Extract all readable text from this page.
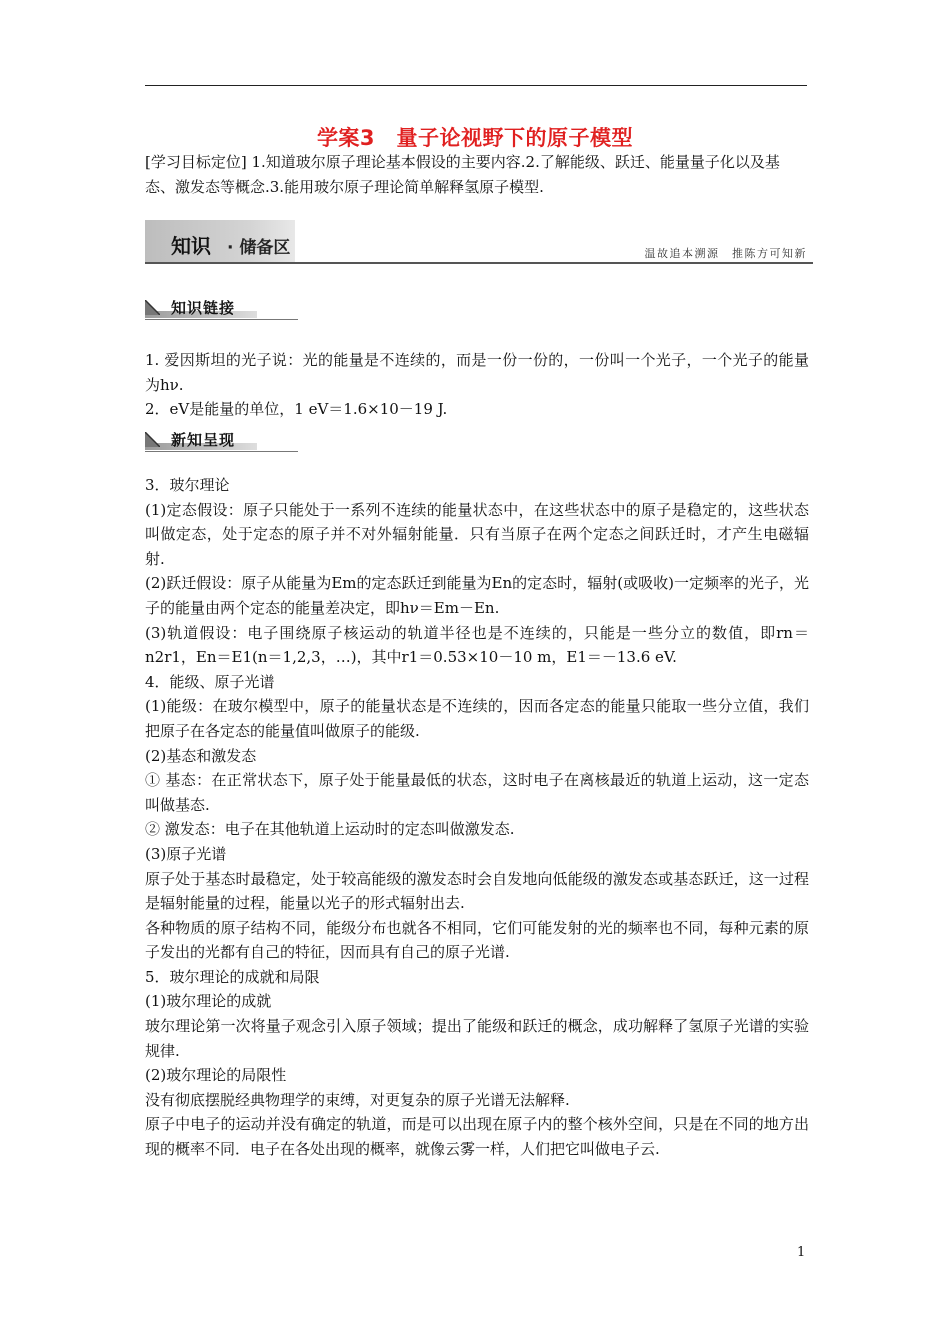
学案3　量子论视野下的原子模型
[学习目标定位] 1.知道玻尔原子理论基本假设的主要内容.2.了解能级、跃迁、能量量子化以及基态、激发态等概念.3.能用玻尔原子理论简单解释氢原子模型.
知识 · 储备区	温故追本溯源　推陈方可知新
知识链接

1. 爱因斯坦的光子说：光的能量是不连续的，而是一份一份的，一份叫一个光子，一个光子的能量为hν.

2．eV是能量的单位，1 eV＝1.6×10－19 J.

新知呈现

3．玻尔理论

(1)定态假设：原子只能处于一系列不连续的能量状态中，在这些状态中的原子是稳定的，这些状态叫做定态，处于定态的原子并不对外辐射能量．只有当原子在两个定态之间跃迁时，才产生电磁辐射.

(2)跃迁假设：原子从能量为Em的定态跃迁到能量为En的定态时，辐射(或吸收)一定频率的光子，光子的能量由两个定态的能量差决定，即hν＝Em－En.

(3)轨道假设：电子围绕原子核运动的轨道半径也是不连续的，只能是一些分立的数值，即rn＝n2r1，En＝E1(n＝1,2,3，…)，其中r1＝0.53×10－10 m，E1＝－13.6 eV.

4．能级、原子光谱

(1)能级：在玻尔模型中，原子的能量状态是不连续的，因而各定态的能量只能取一些分立值，我们把原子在各定态的能量值叫做原子的能级.

(2)基态和激发态

① 基态：在正常状态下，原子处于能量最低的状态，这时电子在离核最近的轨道上运动，这一定态叫做基态.

② 激发态：电子在其他轨道上运动时的定态叫做激发态.

(3)原子光谱

原子处于基态时最稳定，处于较高能级的激发态时会自发地向低能级的激发态或基态跃迁，这一过程是辐射能量的过程，能量以光子的形式辐射出去.

各种物质的原子结构不同，能级分布也就各不相同，它们可能发射的光的频率也不同，每种元素的原子发出的光都有自己的特征，因而具有自己的原子光谱.

5．玻尔理论的成就和局限

(1)玻尔理论的成就

玻尔理论第一次将量子观念引入原子领域；提出了能级和跃迁的概念，成功解释了氢原子光谱的实验规律.

(2)玻尔理论的局限性

没有彻底摆脱经典物理学的束缚，对更复杂的原子光谱无法解释.

原子中电子的运动并没有确定的轨道，而是可以出现在原子内的整个核外空间，只是在不同的地方出现的概率不同．电子在各处出现的概率，就像云雾一样，人们把它叫做电子云.

1
